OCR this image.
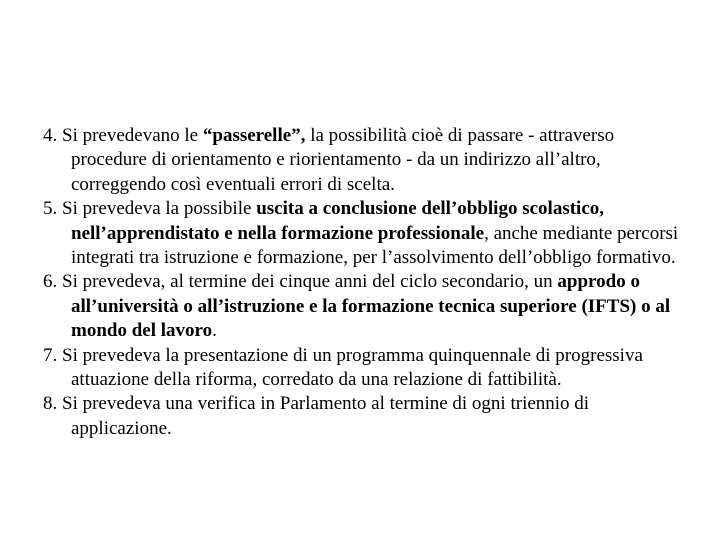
4. Si prevedevano le “passerelle”, la possibilità cioè di passare - attraverso procedure di orientamento e riorientamento - da un indirizzo all’altro, correggendo così eventuali errori di scelta.
5. Si prevedeva la possibile uscita a conclusione dell’obbligo scolastico, nell’apprendistato e nella formazione professionale, anche mediante percorsi integrati tra istruzione e formazione, per l’assolvimento dell’obbligo formativo.
6. Si prevedeva, al termine dei cinque anni del ciclo secondario, un approdo o all’università o all’istruzione e la formazione tecnica superiore (IFTS) o al mondo del lavoro.
7. Si prevedeva la presentazione di un programma quinquennale di progressiva attuazione della riforma, corredato da una relazione di fattibilità.
8. Si prevedeva una verifica in Parlamento al termine di ogni triennio di applicazione.
